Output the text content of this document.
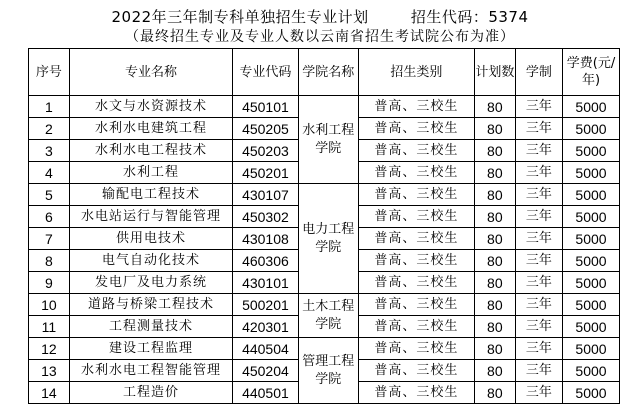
2022年三年制专科单独招生专业计划        招生代码：5374
（最终招生专业及专业人数以云南省招生考试院公布为准）
序号	专业名称	专业代码	学院名称	招生类别	计划数	学制	学费(元/年)
1	水文与水资源技术	450101	水利工程学院	普高、三校生	80	三年	5000
2	水利水电建筑工程	450205		普高、三校生	80	三年	5000
3	水利水电工程技术	450203		普高、三校生	80	三年	5000
4	水利工程	450201		普高、三校生	80	三年	5000
5	输配电工程技术	430107	电力工程学院	普高、三校生	80	三年	5000
6	水电站运行与智能管理	450302		普高、三校生	80	三年	5000
7	供用电技术	430108		普高、三校生	80	三年	5000
8	电气自动化技术	460306		普高、三校生	80	三年	5000
9	发电厂及电力系统	430101		普高、三校生	80	三年	5000
10	道路与桥梁工程技术	500201	土木工程学院	普高、三校生	80	三年	5000
11	工程测量技术	420301		普高、三校生	80	三年	5000
12	建设工程监理	440504	管理工程学院	普高、三校生	80	三年	5000
13	水利水电工程智能管理	450204		普高、三校生	80	三年	5000
14	工程造价	440501		普高、三校生	80	三年	5000
